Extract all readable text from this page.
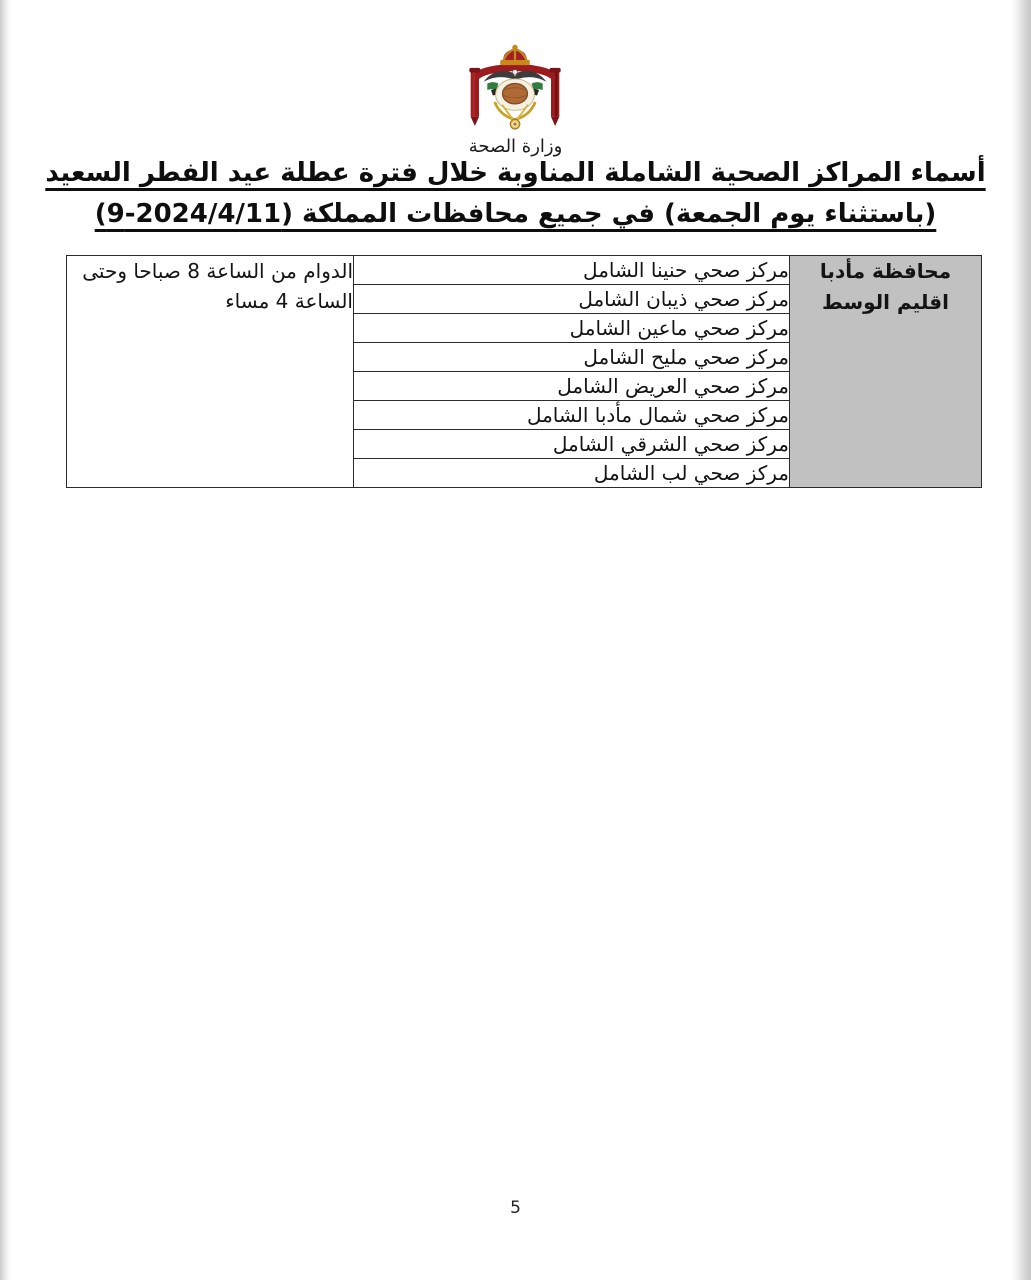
وزارة الصحة
أسماء المراكز الصحية الشاملة المناوبة خلال فترة عطلة عيد الفطر السعيد
(باستثناء يوم الجمعة) في جميع محافظات المملكة (2024/4/11-9)
محافظة مأدبا
اقليم الوسط
	مركز صحي حنينا الشامل	الدوام من الساعة 8 صباحا وحتى الساعة 4 مساء
مركز صحي ذيبان الشامل
مركز صحي ماعين الشامل
مركز صحي مليح الشامل
مركز صحي العريض الشامل
مركز صحي شمال مأدبا الشامل
مركز صحي الشرقي الشامل
مركز صحي لب الشامل
5
